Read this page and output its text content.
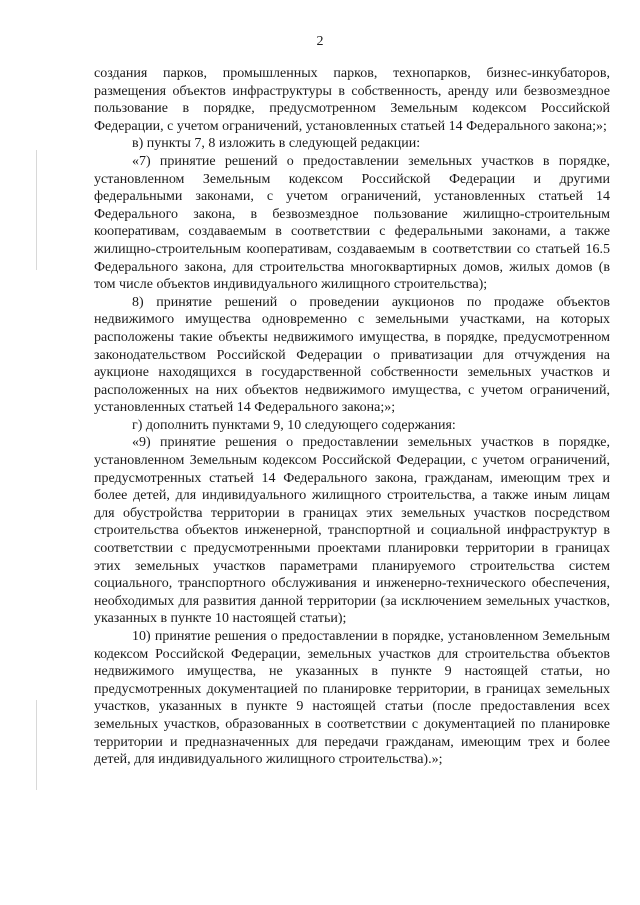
2

создания парков, промышленных парков, технопарков, бизнес-инкубаторов, размещения объектов инфраструктуры в собственность, аренду или безвозмездное пользование в порядке, предусмотренном Земельным кодексом Российской Федерации, с учетом ограничений, установленных статьей 14 Федерального закона;»;

в) пункты 7, 8 изложить в следующей редакции:

«7) принятие решений о предоставлении земельных участков в порядке, установленном Земельным кодексом Российской Федерации и другими федеральными законами, с учетом ограничений, установленных статьей 14 Федерального закона, в безвозмездное пользование жилищно-строительным кооперативам, создаваемым в соответствии с федеральными законами, а также жилищно-строительным кооперативам, создаваемым в соответствии со статьей 16.5 Федерального закона, для строительства многоквартирных домов, жилых домов (в том числе объектов индивидуального жилищного строительства);

8) принятие решений о проведении аукционов по продаже объектов недвижимого имущества одновременно с земельными участками, на которых расположены такие объекты недвижимого имущества, в порядке, предусмотренном законодательством Российской Федерации о приватизации для отчуждения на аукционе находящихся в государственной собственности земельных участков и расположенных на них объектов недвижимого имущества, с учетом ограничений, установленных статьей 14 Федерального закона;»;

г) дополнить пунктами 9, 10 следующего содержания:

«9) принятие решения о предоставлении земельных участков в порядке, установленном Земельным кодексом Российской Федерации, с учетом ограничений, предусмотренных статьей 14 Федерального закона, гражданам, имеющим трех и более детей, для индивидуального жилищного строительства, а также иным лицам для обустройства территории в границах этих земельных участков посредством строительства объектов инженерной, транспортной и социальной инфраструктур в соответствии с предусмотренными проектами планировки территории в границах этих земельных участков параметрами планируемого строительства систем социального, транспортного обслуживания и инженерно-технического обеспечения, необходимых для развития данной территории (за исключением земельных участков, указанных в пункте 10 настоящей статьи);

10) принятие решения о предоставлении в порядке, установленном Земельным кодексом Российской Федерации, земельных участков для строительства объектов недвижимого имущества, не указанных в пункте 9 настоящей статьи, но предусмотренных документацией по планировке территории, в границах земельных участков, указанных в пункте 9 настоящей статьи (после предоставления всех земельных участков, образованных в соответствии с документацией по планировке территории и предназначенных для передачи гражданам, имеющим трех и более детей, для индивидуального жилищного строительства).»;
